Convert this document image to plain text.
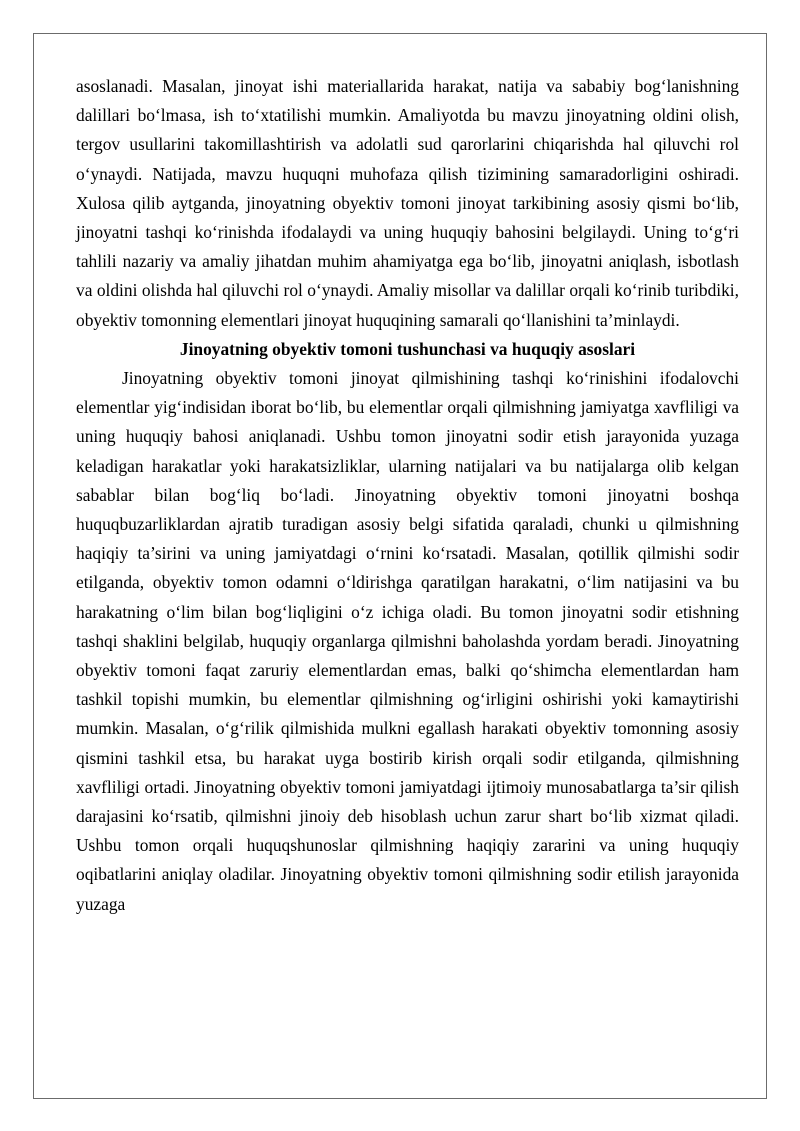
asoslanadi. Masalan, jinoyat ishi materiallarida harakat, natija va sababiy bog‘lanishning dalillari bo‘lmasa, ish to‘xtatilishi mumkin. Amaliyotda bu mavzu jinoyatning oldini olish, tergov usullarini takomillashtirish va adolatli sud qarorlarini chiqarishda hal qiluvchi rol o‘ynaydi. Natijada, mavzu huquqni muhofaza qilish tizimining samaradorligini oshiradi. Xulosa qilib aytganda, jinoyatning obyektiv tomoni jinoyat tarkibining asosiy qismi bo‘lib, jinoyatni tashqi ko‘rinishda ifodalaydi va uning huquqiy bahosini belgilaydi. Uning to‘g‘ri tahlili nazariy va amaliy jihatdan muhim ahamiyatga ega bo‘lib, jinoyatni aniqlash, isbotlash va oldini olishda hal qiluvchi rol o‘ynaydi. Amaliy misollar va dalillar orqali ko‘rinib turibdiki, obyektiv tomonning elementlari jinoyat huquqining samarali qo‘llanishini ta’minlaydi.

Jinoyatning obyektiv tomoni tushunchasi va huquqiy asoslari

Jinoyatning obyektiv tomoni jinoyat qilmishining tashqi ko‘rinishini ifodalovchi elementlar yig‘indisidan iborat bo‘lib, bu elementlar orqali qilmishning jamiyatga xavfliligi va uning huquqiy bahosi aniqlanadi. Ushbu tomon jinoyatni sodir etish jarayonida yuzaga keladigan harakatlar yoki harakatsizliklar, ularning natijalari va bu natijalarga olib kelgan sabablar bilan bog‘liq bo‘ladi. Jinoyatning obyektiv tomoni jinoyatni boshqa huquqbuzarliklardan ajratib turadigan asosiy belgi sifatida qaraladi, chunki u qilmishning haqiqiy ta’sirini va uning jamiyatdagi o‘rnini ko‘rsatadi. Masalan, qotillik qilmishi sodir etilganda, obyektiv tomon odamni o‘ldirishga qaratilgan harakatni, o‘lim natijasini va bu harakatning o‘lim bilan bog‘liqligini o‘z ichiga oladi. Bu tomon jinoyatni sodir etishning tashqi shaklini belgilab, huquqiy organlarga qilmishni baholashda yordam beradi. Jinoyatning obyektiv tomoni faqat zaruriy elementlardan emas, balki qo‘shimcha elementlardan ham tashkil topishi mumkin, bu elementlar qilmishning og‘irligini oshirishi yoki kamaytirishi mumkin. Masalan, o‘g‘rilik qilmishida mulkni egallash harakati obyektiv tomonning asosiy qismini tashkil etsa, bu harakat uyga bostirib kirish orqali sodir etilganda, qilmishning xavfliligi ortadi. Jinoyatning obyektiv tomoni jamiyatdagi ijtimoiy munosabatlarga ta’sir qilish darajasini ko‘rsatib, qilmishni jinoiy deb hisoblash uchun zarur shart bo‘lib xizmat qiladi. Ushbu tomon orqali huquqshunoslar qilmishning haqiqiy zararini va uning huquqiy oqibatlarini aniqlay oladilar. Jinoyatning obyektiv tomoni qilmishning sodir etilish jarayonida yuzaga
